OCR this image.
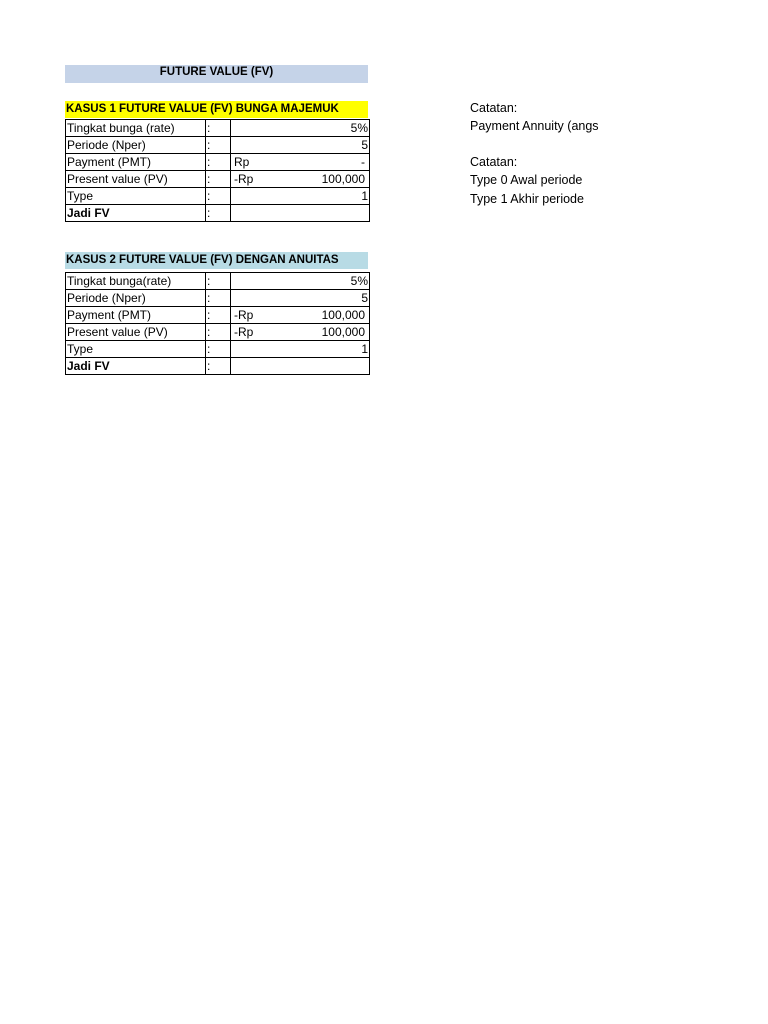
FUTURE VALUE (FV)
KASUS 1 FUTURE VALUE (FV) BUNGA MAJEMUK
Tingkat bunga (rate)	:	5%

Periode (Nper)	:	5

Payment (PMT)	:	Rp -

Present value (PV)	:	-Rp 100,000

Type	:	1

Jadi FV	:	
KASUS 2 FUTURE VALUE (FV) DENGAN ANUITAS
Tingkat bunga(rate)	:	5%

Periode (Nper)	:	5

Payment (PMT)	:	-Rp 100,000

Present value (PV)	:	-Rp 100,000

Type	:	1

Jadi FV	:	
Catatan:
Payment Annuity (angs
Catatan:
Type 0 Awal periode
Type 1 Akhir periode
